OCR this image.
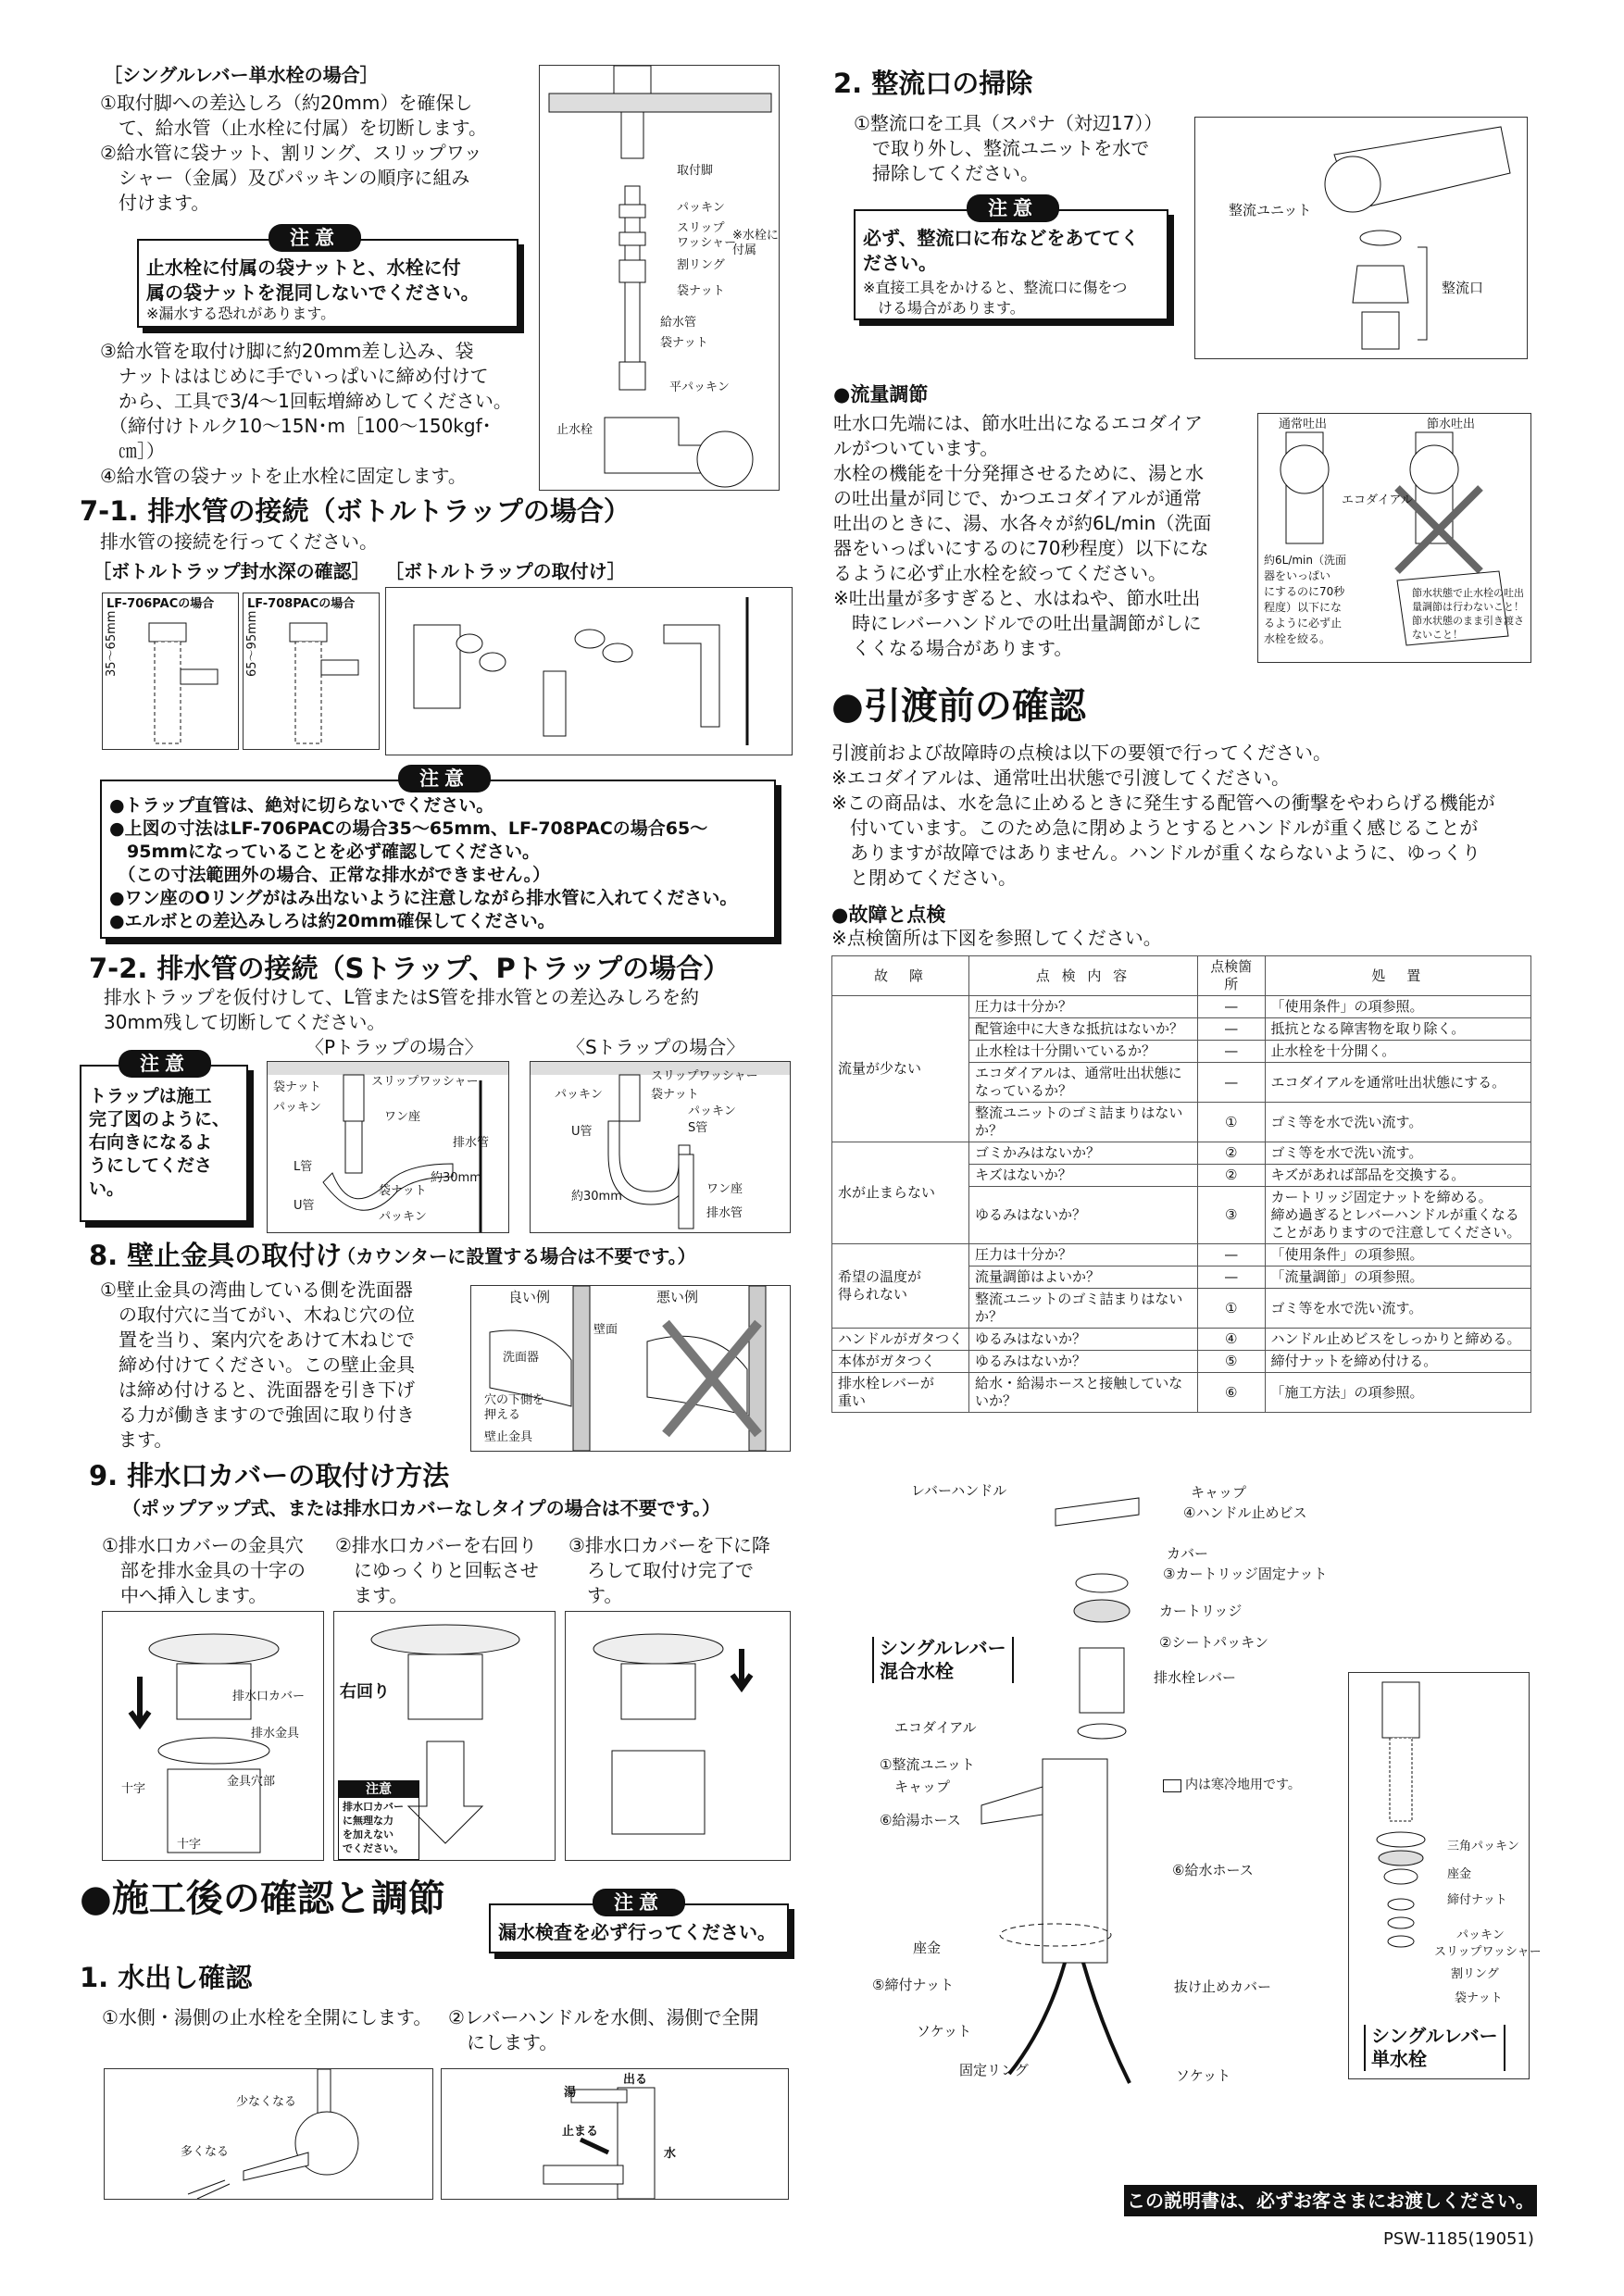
［シングルレバー単水栓の場合］
①取付脚への差込しろ（約20mm）を確保し
　て、給水管（止水栓に付属）を切断します。
②給水管に袋ナット、割リング、スリップワッ
　シャー（金属）及びパッキンの順序に組み
　付けます。
注意
止水栓に付属の袋ナットと、水栓に付
属の袋ナットを混同しないでください。
※漏水する恐れがあります。
③給水管を取付け脚に約20mm差し込み、袋
　ナットははじめに手でいっぱいに締め付けて
　から、工具で3/4～1回転増締めしてください。
　（締付けトルク10～15N･m［100～150kgf･
　㎝］）
④給水管の袋ナットを止水栓に固定します。
取付脚
パッキン
スリップ
ワッシャー
割リング
袋ナット
※水栓に
付属
給水管
袋ナット
平パッキン
止水栓
7-1. 排水管の接続（ボトルトラップの場合）
排水管の接続を行ってください。
［ボトルトラップ封水深の確認］ ［ボトルトラップの取付け］
LF-706PACの場合
35～65mm
LF-708PACの場合
65～95mm
注意
●トラップ直管は、絶対に切らないでください。
●上図の寸法はLF-706PACの場合35～65mm、LF-708PACの場合65～
　95mmになっていることを必ず確認してください。
　（この寸法範囲外の場合、正常な排水ができません。）
●ワン座のOリングがはみ出ないように注意しながら排水管に入れてください。
●エルボとの差込みしろは約20mm確保してください。
7-2. 排水管の接続（Sトラップ、Pトラップの場合）
排水トラップを仮付けして、L管またはS管を排水管との差込みしろを約
30mm残して切断してください。
〈Pトラップの場合〉	〈Sトラップの場合〉
注意
トラップは施工
完了図のように、
右向きになるよ
うにしてくださ
い。
袋ナット
パッキン
スリップワッシャー
ワン座
L管
排水管
約30mm
袋ナット
U管
パッキン
パッキン
スリップワッシャー
袋ナット
U管	S管
パッキン
約30mm
ワン座
排水管
8. 壁止金具の取付け
（カウンターに設置する場合は不要です。）
①壁止金具の湾曲している側を洗面器
　の取付穴に当てがい、木ねじ穴の位
　置を当り、案内穴をあけて木ねじで
　締め付けてください。この壁止金具
　は締め付けると、洗面器を引き下げ
　る力が働きますので強固に取り付き
　ます。
良い例	悪い例
洗面器
壁面
穴の下側を
押える
壁止金具
9. 排水口カバーの取付け方法
（ポップアップ式、または排水口カバーなしタイプの場合は不要です。）
①排水口カバーの金具穴
　部を排水金具の十字の
　中へ挿入します。
②排水口カバーを右回り
　にゆっくりと回転させ
　ます。
③排水口カバーを下に降
　ろして取付け完了で
　す。
排水口カバー
排水金具
金具穴部
十字
十字
右回り
注意
排水口カバー
に無理な力
を加えない
でください。
●施工後の確認と調節	注意
漏水検査を必ず行ってください。
1. 水出し確認
①水側・湯側の止水栓を全開にします。 ②レバーハンドルを水側、湯側で全開
　にします。
少なくなる
多くなる
出る
湯
止まる
水
2. 整流口の掃除
①整流口を工具（スパナ（対辺17））
　で取り外し、整流ユニットを水で
　掃除してください。
注意
必ず、整流口に布などをあててく
ださい。
※直接工具をかけると、整流口に傷をつ
　ける場合があります。
整流ユニット
整流口
●流量調節
吐水口先端には、節水吐出になるエコダイア
ルがついています。
水栓の機能を十分発揮させるために、湯と水
の吐出量が同じで、かつエコダイアルが通常
吐出のときに、湯、水各々が約6L/min（洗面
器をいっぱいにするのに70秒程度）以下にな
るように必ず止水栓を絞ってください。
※吐出量が多すぎると、水はねや、節水吐出
　時にレバーハンドルでの吐出量調節がしに
　くくなる場合があります。
通常吐出	節水吐出
エコダイアル
約6L/min（洗面
器をいっぱい
にするのに70秒
程度）以下にな
るように必ず止
水栓を絞る。
節水状態で止水栓の吐出
量調節は行わないこと！
節水状態のまま引き渡さ
ないこと！
●引渡前の確認
引渡前および故障時の点検は以下の要領で行ってください。
※エコダイアルは、通常吐出状態で引渡してください。
※この商品は、水を急に止めるときに発生する配管への衝撃をやわらげる機能が
　付いています。このため急に閉めようとするとハンドルが重く感じることが
　ありますが故障ではありません。ハンドルが重くならないように、ゆっくり
　と閉めてください。
●故障と点検
※点検箇所は下図を参照してください。
故　障	点 検 内 容	点検箇所	処　置
流量が少ない	圧力は十分か？	—	「使用条件」の項参照。
	配管途中に大きな抵抗はないか？	—	抵抗となる障害物を取り除く。
	止水栓は十分開いているか？	—	止水栓を十分開く。
	エコダイアルは、通常吐出状態になっているか？	—	エコダイアルを通常吐出状態にする。
	整流ユニットのゴミ詰まりはないか？	①	ゴミ等を水で洗い流す。
水が止まらない	ゴミかみはないか？	②	ゴミ等を水で洗い流す。
	キズはないか？	②	キズがあれば部品を交換する。
	ゆるみはないか？	③	カートリッジ固定ナットを締める。
締め過ぎるとレバーハンドルが重くなる
ことがありますので注意してください。
希望の温度が
得られない	圧力は十分か？	—	「使用条件」の項参照。
	流量調節はよいか？	—	「流量調節」の項参照。
	整流ユニットのゴミ詰まりはないか？	①	ゴミ等を水で洗い流す。
ハンドルがガタつく	ゆるみはないか？	④	ハンドル止めビスをしっかりと締める。
本体がガタつく	ゆるみはないか？	⑤	締付ナットを締め付ける。
排水栓レバーが
重い	給水・給湯ホースと接触していないか？	⑥	「施工方法」の項参照。
レバーハンドル	キャップ
④ハンドル止めビス
カバー
③カートリッジ固定ナット
カートリッジ
②シートパッキン
排水栓レバー
エコダイアル
①整流ユニット
キャップ
⑥給湯ホース
⑥給水ホース
座金
⑤締付ナット	抜け止めカバー
ソケット
固定リング	ソケット
シングルレバー
混合水栓
内は寒冷地用です。
三角パッキン
座金
締付ナット
パッキン
スリップワッシャー
割リング
袋ナット
シングルレバー
単水栓
この説明書は、必ずお客さまにお渡しください。
PSW-1185(19051)
